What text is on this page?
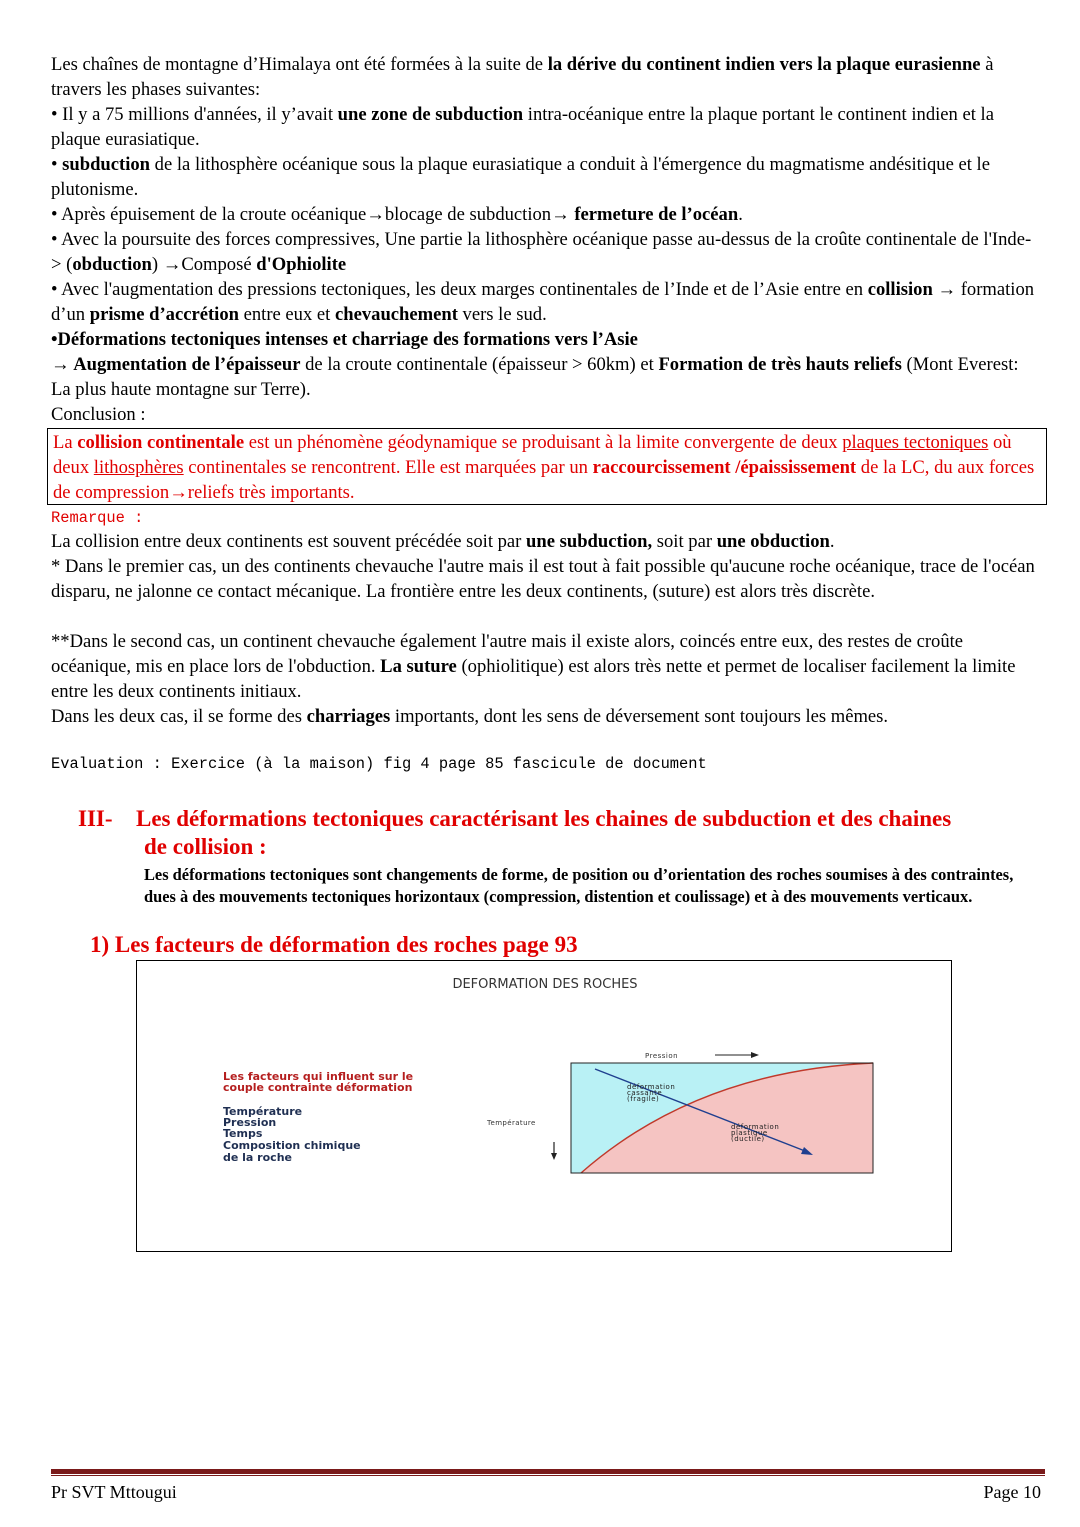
Les chaînes de montagne d’Himalaya ont été formées à la suite de la dérive du continent indien vers la plaque eurasienne à travers les phases suivantes:

• Il y a 75 millions d'années, il y’avait une zone de subduction intra-océanique entre la plaque portant le continent indien et la plaque eurasiatique.

• subduction de la lithosphère océanique sous la plaque eurasiatique a conduit à l'émergence du magmatisme andésitique et le plutonisme.

• Après épuisement de la croute océanique→blocage de subduction→ fermeture de l’océan.

• Avec la poursuite des forces compressives, Une partie la lithosphère océanique passe au-dessus de la croûte continentale de l'Inde-> (obduction) →Composé d'Ophiolite

• Avec l'augmentation des pressions tectoniques, les deux marges continentales de l’Inde et de l’Asie entre en collision → formation d’un prisme d’accrétion entre eux et chevauchement vers le sud.

•Déformations tectoniques intenses et charriage des formations vers l’Asie

→ Augmentation de l’épaisseur de la croute continentale (épaisseur > 60km) et Formation de très hauts reliefs (Mont Everest: La plus haute montagne sur Terre).

Conclusion :

La collision continentale est un phénomène géodynamique se produisant à la limite convergente de deux plaques tectoniques où deux lithosphères continentales se rencontrent. Elle est marquées par un raccourcissement /épaississement de la LC, du aux forces de compression→reliefs très importants.

Remarque :

La collision entre deux continents est souvent précédée soit par une subduction, soit par une obduction.

* Dans le premier cas, un des continents chevauche l'autre mais il est tout à fait possible qu'aucune roche océanique, trace de l'océan disparu, ne jalonne ce contact mécanique. La frontière entre les deux continents, (suture) est alors très discrète.

**Dans le second cas, un continent chevauche également l'autre mais il existe alors, coincés entre eux, des restes de croûte océanique, mis en place lors de l'obduction. La suture (ophiolitique) est alors très nette et permet de localiser facilement la limite entre les deux continents initiaux.

Dans les deux cas, il se forme des charriages importants, dont les sens de déversement sont toujours les mêmes.

Evaluation : Exercice (à la maison) fig 4 page 85 fascicule de document

III- Les déformations tectoniques caractérisant les chaines de subduction et des chaines
de collision :
Les déformations tectoniques sont changements de forme, de position ou d’orientation des roches soumises à des contraintes, dues à des mouvements tectoniques horizontaux (compression, distention et coulissage) et à des mouvements verticaux.
1) Les facteurs de déformation des roches page 93
DEFORMATION DES ROCHES
Les facteurs qui influent sur le
couple contrainte déformation
Température
Pression
Temps
Composition chimique
de la roche
Pression
Température
déformation
cassante
(fragile)
déformation
plastique
(ductile)
Pr SVT Mttougui	Page 10
